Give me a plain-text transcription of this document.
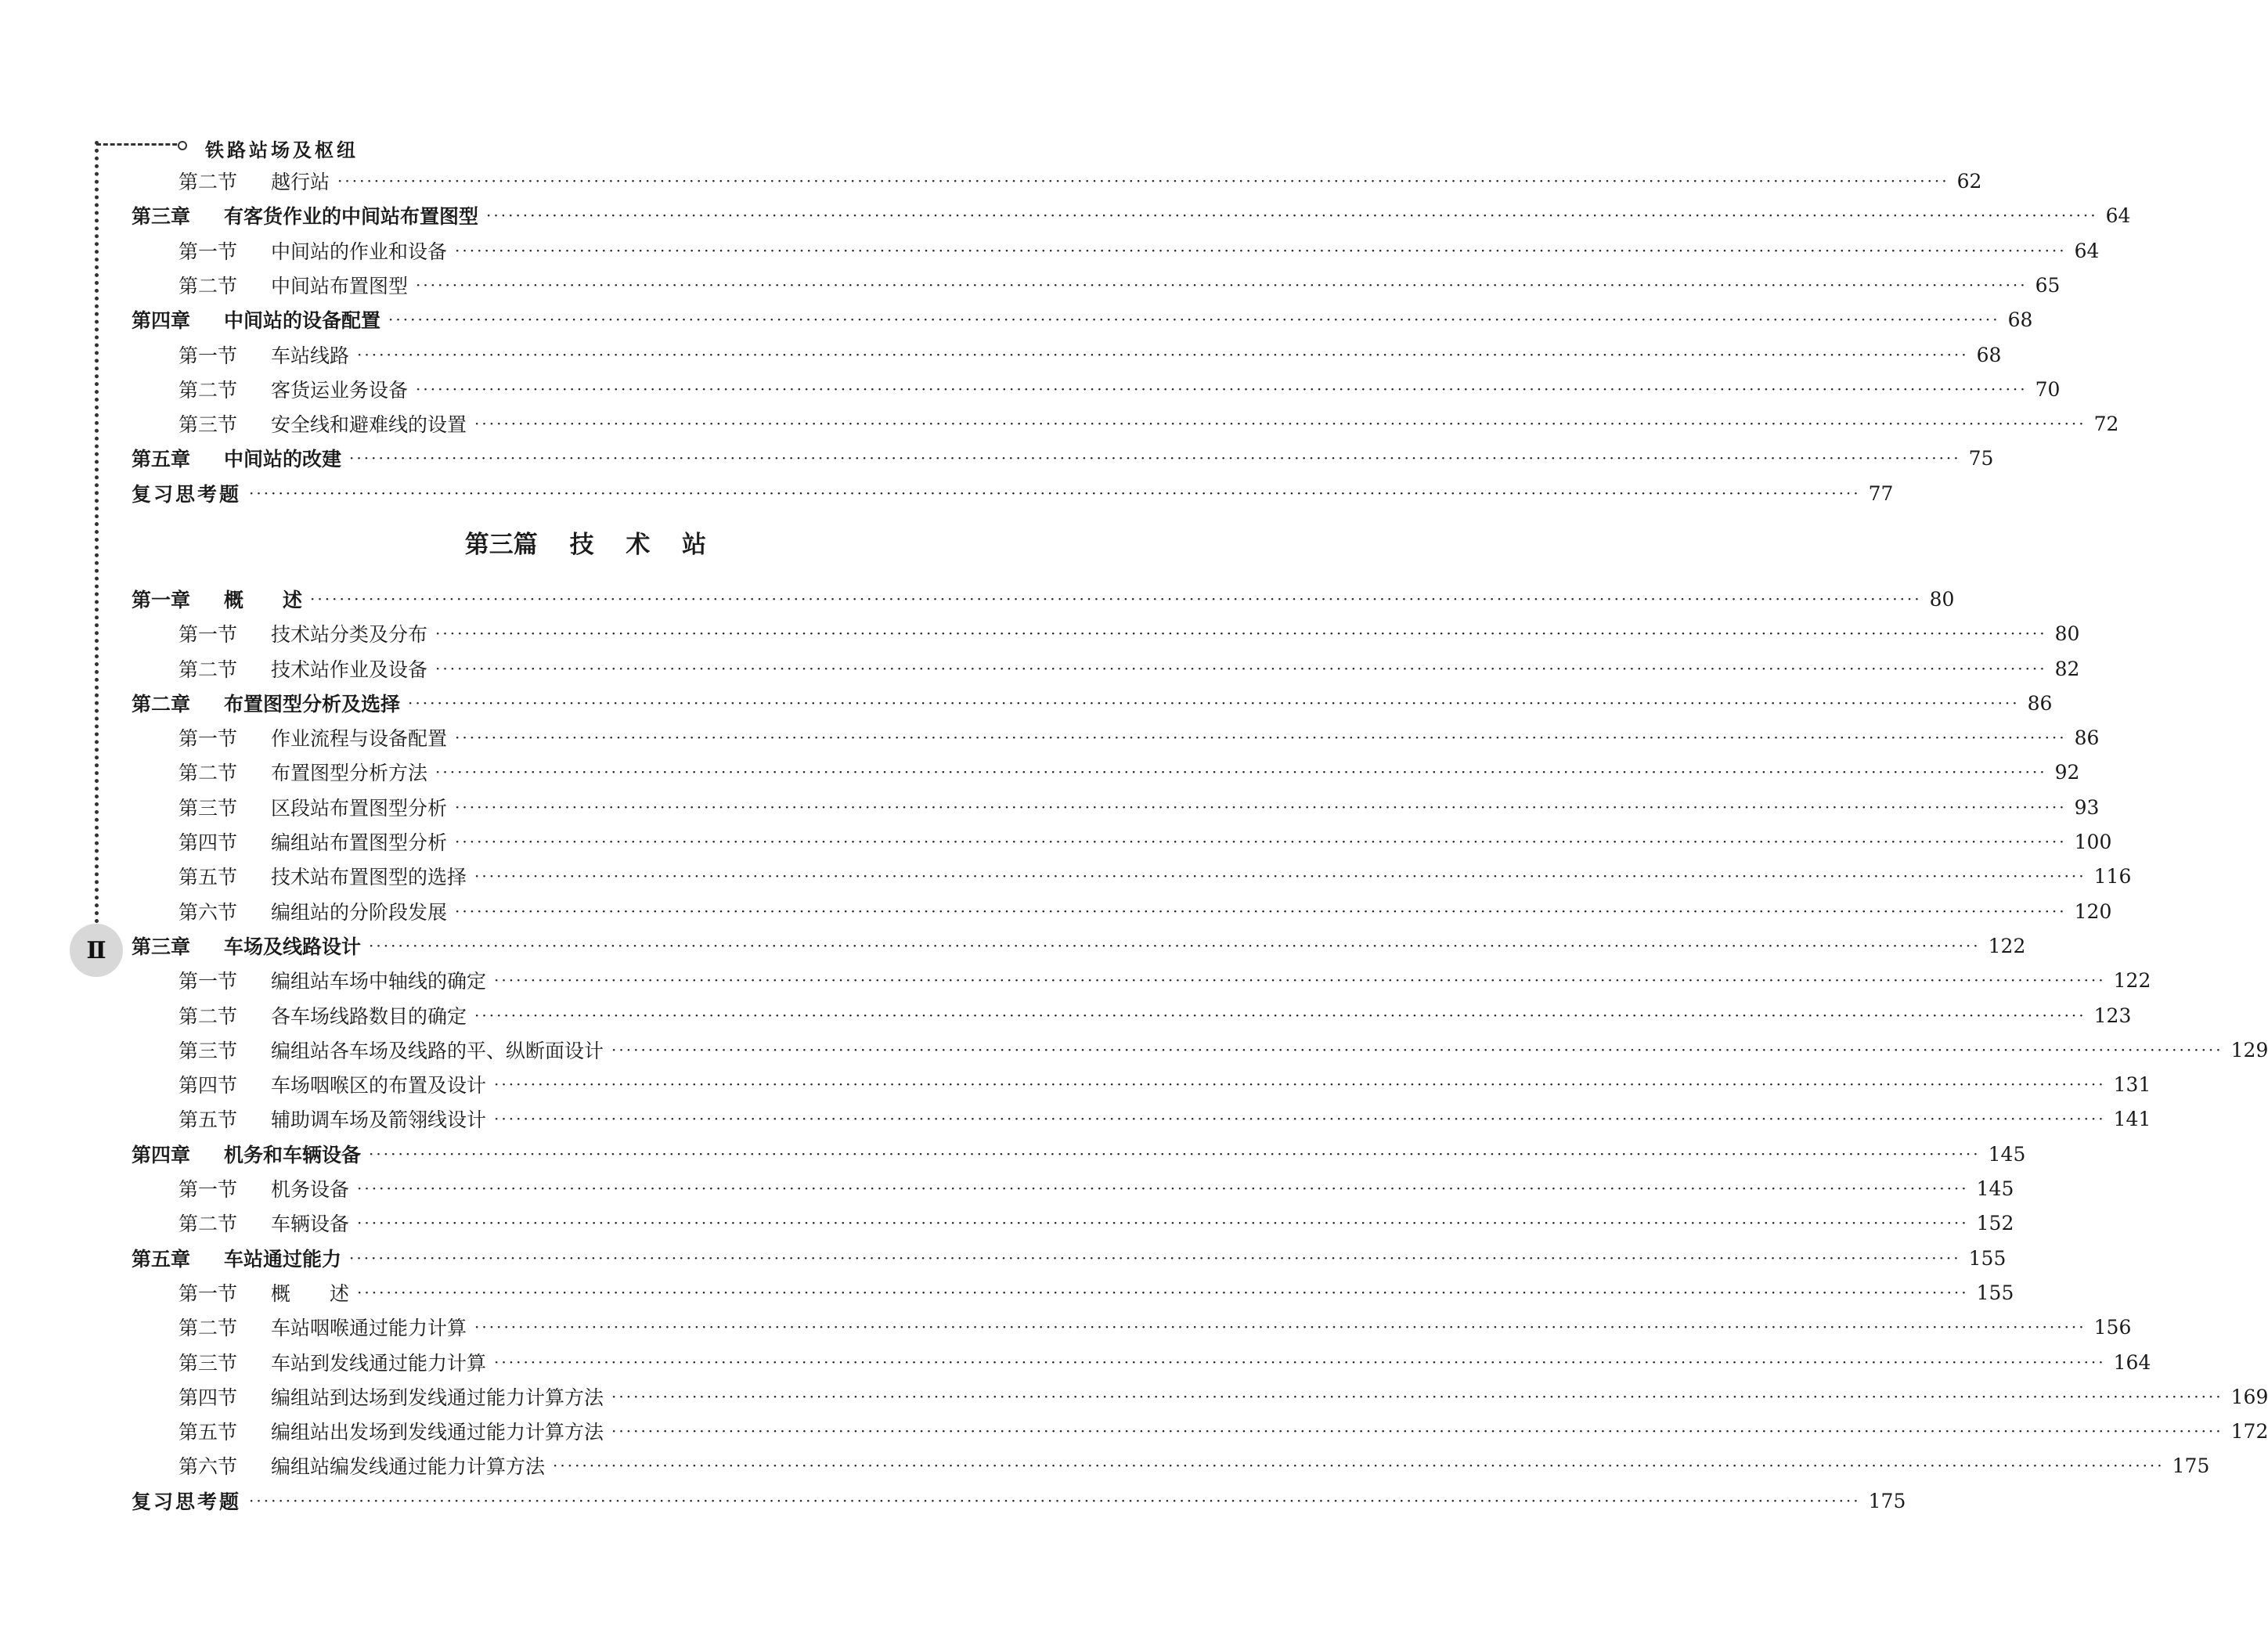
铁路站场及枢纽
Ⅱ
第三篇 技 术 站
第二节	越行站 ···························································································································································································································· 62
第三章	有客货作业的中间站布置图型 ···························································································································································································································· 64
第一节	中间站的作业和设备 ···························································································································································································································· 64
第二节	中间站布置图型 ···························································································································································································································· 65
第四章	中间站的设备配置 ···························································································································································································································· 68
第一节	车站线路 ···························································································································································································································· 68
第二节	客货运业务设备 ···························································································································································································································· 70
第三节	安全线和避难线的设置 ···························································································································································································································· 72
第五章	中间站的改建 ···························································································································································································································· 75
复习思考题 ···························································································································································································································· 77
第一章	概　　述 ···························································································································································································································· 80
第一节	技术站分类及分布 ···························································································································································································································· 80
第二节	技术站作业及设备 ···························································································································································································································· 82
第二章	布置图型分析及选择 ···························································································································································································································· 86
第一节	作业流程与设备配置 ···························································································································································································································· 86
第二节	布置图型分析方法 ···························································································································································································································· 92
第三节	区段站布置图型分析 ···························································································································································································································· 93
第四节	编组站布置图型分析 ···························································································································································································································· 100
第五节	技术站布置图型的选择 ···························································································································································································································· 116
第六节	编组站的分阶段发展 ···························································································································································································································· 120
第三章	车场及线路设计 ···························································································································································································································· 122
第一节	编组站车场中轴线的确定 ···························································································································································································································· 122
第二节	各车场线路数目的确定 ···························································································································································································································· 123
第三节	编组站各车场及线路的平、纵断面设计 ···························································································································································································································· 129
第四节	车场咽喉区的布置及设计 ···························································································································································································································· 131
第五节	辅助调车场及箭翎线设计 ···························································································································································································································· 141
第四章	机务和车辆设备 ···························································································································································································································· 145
第一节	机务设备 ···························································································································································································································· 145
第二节	车辆设备 ···························································································································································································································· 152
第五章	车站通过能力 ···························································································································································································································· 155
第一节	概　　述 ···························································································································································································································· 155
第二节	车站咽喉通过能力计算 ···························································································································································································································· 156
第三节	车站到发线通过能力计算 ···························································································································································································································· 164
第四节	编组站到达场到发线通过能力计算方法 ···························································································································································································································· 169
第五节	编组站出发场到发线通过能力计算方法 ···························································································································································································································· 172
第六节	编组站编发线通过能力计算方法 ···························································································································································································································· 175
复习思考题 ···························································································································································································································· 175
